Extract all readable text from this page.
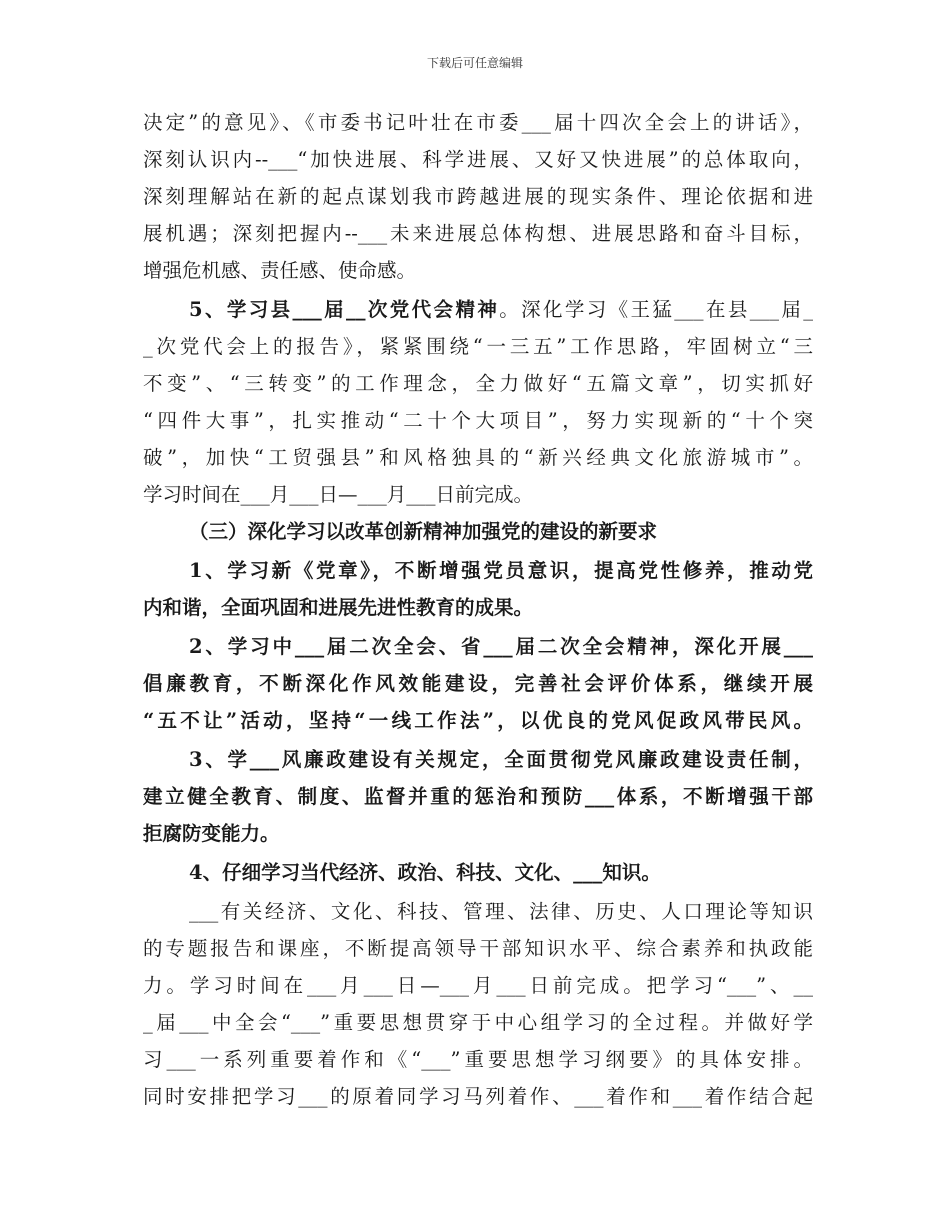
下载后可任意编辑
决定”的意见》、《市委书记叶壮在市委___届十四次全会上的讲话》，
深刻认识内--___“加快进展、科学进展、又好又快进展”的总体取向，
深刻理解站在新的起点谋划我市跨越进展的现实条件、理论依据和进
展机遇；深刻把握内--___未来进展总体构想、进展思路和奋斗目标，
增强危机感、责任感、使命感。
5、学习县___届__次党代会精神。深化学习《王猛___在县___届_
_次党代会上的报告》，紧紧围绕“一三五”工作思路，牢固树立“三
不变”、“三转变”的工作理念，全力做好“五篇文章”，切实抓好
“四件大事”，扎实推动“二十个大项目”，努力实现新的“十个突
破”，加快“工贸强县”和风格独具的“新兴经典文化旅游城市”。
学习时间在___月___日—___月___日前完成。
（三）深化学习以改革创新精神加强党的建设的新要求
1、学习新《党章》，不断增强党员意识，提高党性修养，推动党
内和谐，全面巩固和进展先进性教育的成果。
2、学习中___届二次全会、省___届二次全会精神，深化开展___
倡廉教育，不断深化作风效能建设，完善社会评价体系，继续开展
“五不让”活动，坚持“一线工作法”，以优良的党风促政风带民风。
3、学___风廉政建设有关规定，全面贯彻党风廉政建设责任制，
建立健全教育、制度、监督并重的惩治和预防___体系，不断增强干部
拒腐防变能力。
4、仔细学习当代经济、政治、科技、文化、___知识。
___有关经济、文化、科技、管理、法律、历史、人口理论等知识
的专题报告和课座，不断提高领导干部知识水平、综合素养和执政能
力。学习时间在___月___日—___月___日前完成。把学习“___”、__
_届___中全会“___”重要思想贯穿于中心组学习的全过程。并做好学
习___一系列重要着作和《“___”重要思想学习纲要》的具体安排。
同时安排把学习___的原着同学习马列着作、___着作和___着作结合起
